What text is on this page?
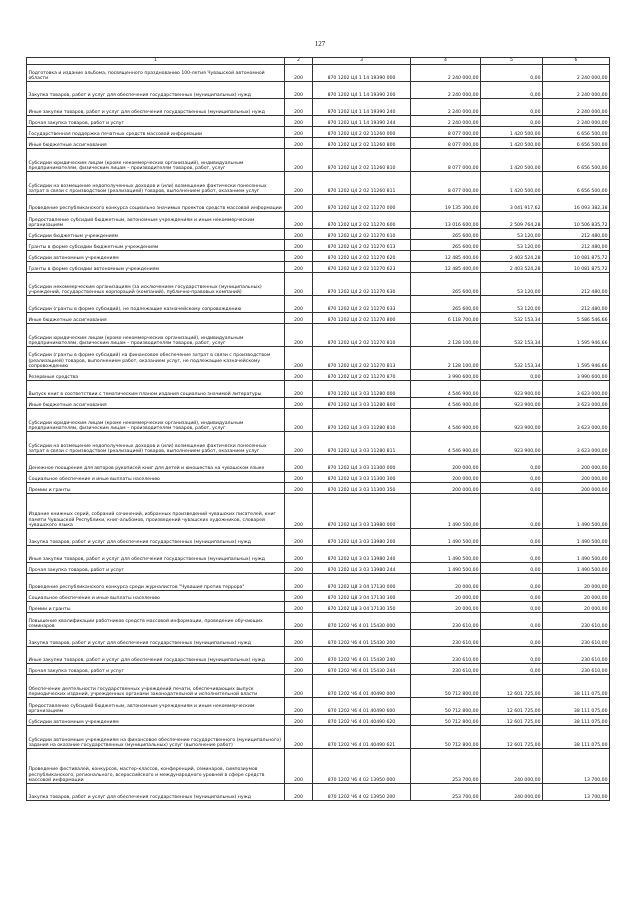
127
1	2	3	4	5	6
Подготовка и издание альбома, посвященного празднованию 100-летия Чувашской автономной области	200	870 1202 Ц4 1 14 19390 000	2 240 000,00	0,00	2 240 000,00
Закупка товаров, работ и услуг для обеспечения государственных (муниципальных) нужд	200	870 1202 Ц4 1 14 19390 200	2 240 000,00	0,00	2 240 000,00
Иные закупки товаров, работ и услуг для обеспечения государственных (муниципальных) нужд	200	870 1202 Ц4 1 14 19390 240	2 240 000,00	0,00	2 240 000,00
Прочая закупка товаров, работ и услуг	200	870 1202 Ц4 1 14 19390 244	2 240 000,00	0,00	2 240 000,00
Государственная поддержка печатных средств массовой информации	200	870 1202 Ц4 2 02 11260 000	8 077 000,00	1 420 500,00	6 656 500,00
Иные бюджетные ассигнования	200	870 1202 Ц4 2 02 11260 800	8 077 000,00	1 420 500,00	6 656 500,00
Субсидии юридическим лицам (кроме некоммерческих организаций), индивидуальным предпринимателям, физическим лицам – производителям товаров, работ, услуг	200	870 1202 Ц4 2 02 11260 810	8 077 000,00	1 420 500,00	6 656 500,00
Субсидии на возмещение недополученных доходов и (или) возмещение фактически понесенных затрат в связи с производством (реализацией) товаров, выполнением работ, оказанием услуг	200	870 1202 Ц4 2 02 11260 811	8 077 000,00	1 420 500,00	6 656 500,00
Проведение республиканского конкурса социально значимых проектов средств массовой информации	200	870 1202 Ц4 2 02 11270 000	19 135 300,00	3 041 917,62	16 093 382,38
Предоставление субсидий бюджетным, автономным учреждениям и иным некоммерческим организациям	200	870 1202 Ц4 2 02 11270 600	13 016 600,00	2 509 764,28	10 506 835,72
Субсидии бюджетным учреждениям	200	870 1202 Ц4 2 02 11270 610	265 600,00	53 120,00	212 480,00
Гранты в форме субсидии бюджетным учреждениям	200	870 1202 Ц4 2 02 11270 613	265 600,00	53 120,00	212 480,00
Субсидии автономным учреждениям	200	870 1202 Ц4 2 02 11270 620	12 485 400,00	2 403 524,28	10 081 875,72
Гранты в форме субсидии автономным учреждениям	200	870 1202 Ц4 2 02 11270 623	12 485 400,00	2 403 524,28	10 081 875,72
Субсидии некоммерческим организациям (за исключением государственных (муниципальных) учреждений, государственных корпораций (компаний), публично-правовых компаний)	200	870 1202 Ц4 2 02 11270 630	265 600,00	53 120,00	212 480,00
Субсидии (гранты в форме субсидий), не подлежащие казначейскому сопровождению	200	870 1202 Ц4 2 02 11270 633	265 600,00	53 120,00	212 480,00
Иные бюджетные ассигнования	200	870 1202 Ц4 2 02 11270 800	6 118 700,00	532 153,34	5 586 546,66
Субсидии юридическим лицам (кроме некоммерческих организаций), индивидуальным предпринимателям, физическим лицам – производителям товаров, работ, услуг	200	870 1202 Ц4 2 02 11270 810	2 128 100,00	532 153,34	1 595 946,66
Субсидии (гранты в форме субсидий) на финансовое обеспечение затрат в связи с производством (реализацией) товаров, выполнением работ, оказанием услуг, не подлежащие казначейскому сопровождению	200	870 1202 Ц4 2 02 11270 813	2 128 100,00	532 153,34	1 595 946,66
Резервные средства	200	870 1202 Ц4 2 02 11270 870	3 990 600,00	0,00	3 990 600,00
Выпуск книг в соответствии с тематическим планом издания социально значимой литературы	200	870 1202 Ц4 3 03 11280 000	4 546 900,00	923 900,00	3 623 000,00
Иные бюджетные ассигнования	200	870 1202 Ц4 3 03 11280 800	4 546 900,00	923 900,00	3 623 000,00
Субсидии юридическим лицам (кроме некоммерческих организаций), индивидуальным предпринимателям, физическим лицам – производителям товаров, работ, услуг	200	870 1202 Ц4 3 03 11280 810	4 546 900,00	923 900,00	3 623 000,00
Субсидии на возмещение недополученных доходов и (или) возмещение фактически понесенных затрат в связи с производством (реализацией) товаров, выполнением работ, оказанием услуг	200	870 1202 Ц4 3 03 11280 811	4 546 900,00	923 900,00	3 623 000,00
Денежное поощрение для авторов рукописей книг для детей и юношества на чувашском языке	200	870 1202 Ц4 3 03 11300 000	200 000,00	0,00	200 000,00
Социальное обеспечение и иные выплаты населению	200	870 1202 Ц4 3 03 11300 300	200 000,00	0,00	200 000,00
Премии и гранты	200	870 1202 Ц4 3 03 11300 350	200 000,00	0,00	200 000,00
Издание книжных серий, собраний сочинений, избранных произведений чувашских писателей, книг памяти Чувашской Республики, книг-альбомов, произведений чувашских художников, словарей чувашского языка	200	870 1202 Ц4 3 03 13980 000	1 490 500,00	0,00	1 490 500,00
Закупка товаров, работ и услуг для обеспечения государственных (муниципальных) нужд	200	870 1202 Ц4 3 03 13980 200	1 490 500,00	0,00	1 490 500,00
Иные закупки товаров, работ и услуг для обеспечения государственных (муниципальных) нужд	200	870 1202 Ц4 3 03 13980 240	1 490 500,00	0,00	1 490 500,00
Прочая закупка товаров, работ и услуг	200	870 1202 Ц4 3 03 13980 244	1 490 500,00	0,00	1 490 500,00
Проведение республиканского конкурса среди журналистов "Чувашия против террора"	200	870 1202 Ц8 3 04 17130 000	20 000,00	0,00	20 000,00
Социальное обеспечение и иные выплаты населению	200	870 1202 Ц8 3 04 17130 300	20 000,00	0,00	20 000,00
Премии и гранты	200	870 1202 Ц8 3 04 17130 350	20 000,00	0,00	20 000,00
Повышение квалификации работников средств массовой информации, проведение обучающих семинаров	200	870 1202 Ч6 4 01 15430 000	230 610,00	0,00	230 610,00
Закупка товаров, работ и услуг для обеспечения государственных (муниципальных) нужд	200	870 1202 Ч6 4 01 15430 200	230 610,00	0,00	230 610,00
Иные закупки товаров, работ и услуг для обеспечения государственных (муниципальных) нужд	200	870 1202 Ч6 4 01 15430 240	230 610,00	0,00	230 610,00
Прочая закупка товаров, работ и услуг	200	870 1202 Ч6 4 01 15430 244	230 610,00	0,00	230 610,00
Обеспечение деятельности государственных учреждений печати, обеспечивающих выпуск периодических изданий, учрежденных органами законодательной и исполнительной власти	200	870 1202 Ч6 4 01 40490 000	50 712 800,00	12 601 725,00	38 111 075,00
Предоставление субсидий бюджетным, автономным учреждениям и иным некоммерческим организациям	200	870 1202 Ч6 4 01 40490 600	50 712 800,00	12 601 725,00	38 111 075,00
Субсидии автономным учреждениям	200	870 1202 Ч6 4 01 40490 620	50 712 800,00	12 601 725,00	38 111 075,00
Субсидии автономным учреждениям на финансовое обеспечение государственного (муниципального) задания на оказание государственных (муниципальных) услуг (выполнение работ)	200	870 1202 Ч6 4 01 40490 621	50 712 800,00	12 601 725,00	38 111 075,00
Проведение фестивалей, конкурсов, мастер-классов, конференций, семинаров, симпозиумов республиканского, регионального, всероссийского и международного уровней в сфере средств массовой информации	200	870 1202 Ч6 4 02 13950 000	253 700,00	240 000,00	13 700,00
Закупка товаров, работ и услуг для обеспечения государственных (муниципальных) нужд	200	870 1202 Ч6 4 02 13950 200	253 700,00	240 000,00	13 700,00
